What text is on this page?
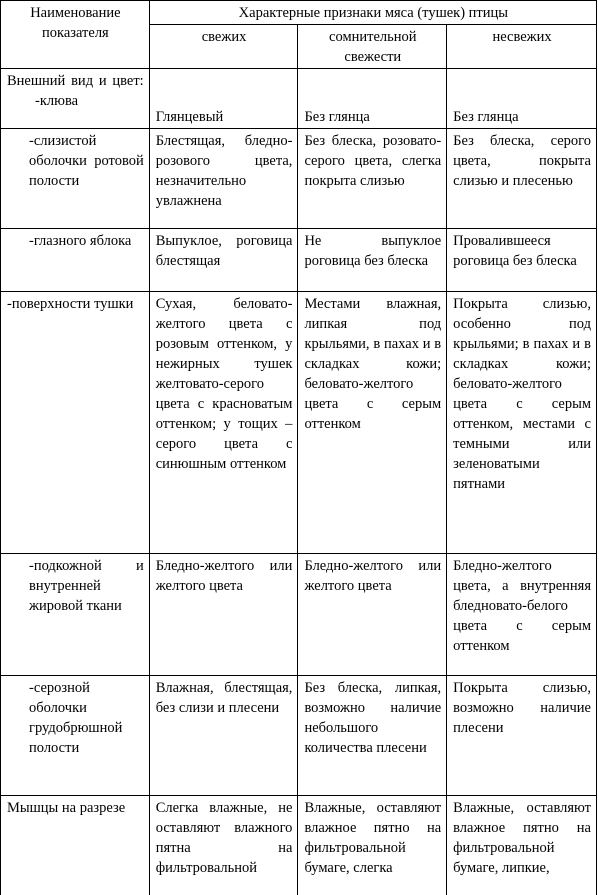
Наименование показателя	Характерные признаки мяса (тушек) птицы		
	свежих	сомнительной свежести	несвежих

Внешний вид и цвет:
-клюва	Глянцевый	Без глянца	Без глянца

-слизистой оболочки ротовой полости	Блестящая, бледно-розового цвета, незначительно увлажнена	Без блеска, розовато-серого цвета, слегка покрыта слизью	Без блеска, серого цвета, покрыта слизью и плесенью

-глазного яблока	Выпуклое, роговица блестящая	Не выпуклое роговица без блеска	Провалившееся роговица без блеска
-поверхности тушки	Сухая, беловато-желтого цвета с розовым оттенком, у нежирных тушек желтовато-серого цвета с красноватым оттенком; у тощих – серого цвета с синюшным оттенком	Местами влажная, липкая под крыльями, в пахах и в складках кожи; беловато-желтого цвета с серым оттенком	Покрыта слизью, особенно под крыльями; в пахах и в складках кожи; беловато-желтого цвета с серым оттенком, местами с темными или зеленоватыми пятнами

-подкожной и внутренней жировой ткани	Бледно-желтого или желтого цвета	Бледно-желтого или желтого цвета	Бледно-желтого цвета, а внутренняя бледновато-белого цвета с серым оттенком

-серозной оболочки грудобрюшной полости	Влажная, блестящая, без слизи и плесени	Без блеска, липкая, возможно наличие небольшого количества плесени	Покрыта слизью, возможно наличие плесени
Мышцы на разрезе	Слегка влажные, не оставляют влажного пятна на фильтровальной	Влажные, оставляют влажное пятно на фильтровальной бумаге, слегка	Влажные, оставляют влажное пятно на фильтровальной бумаге, липкие,
